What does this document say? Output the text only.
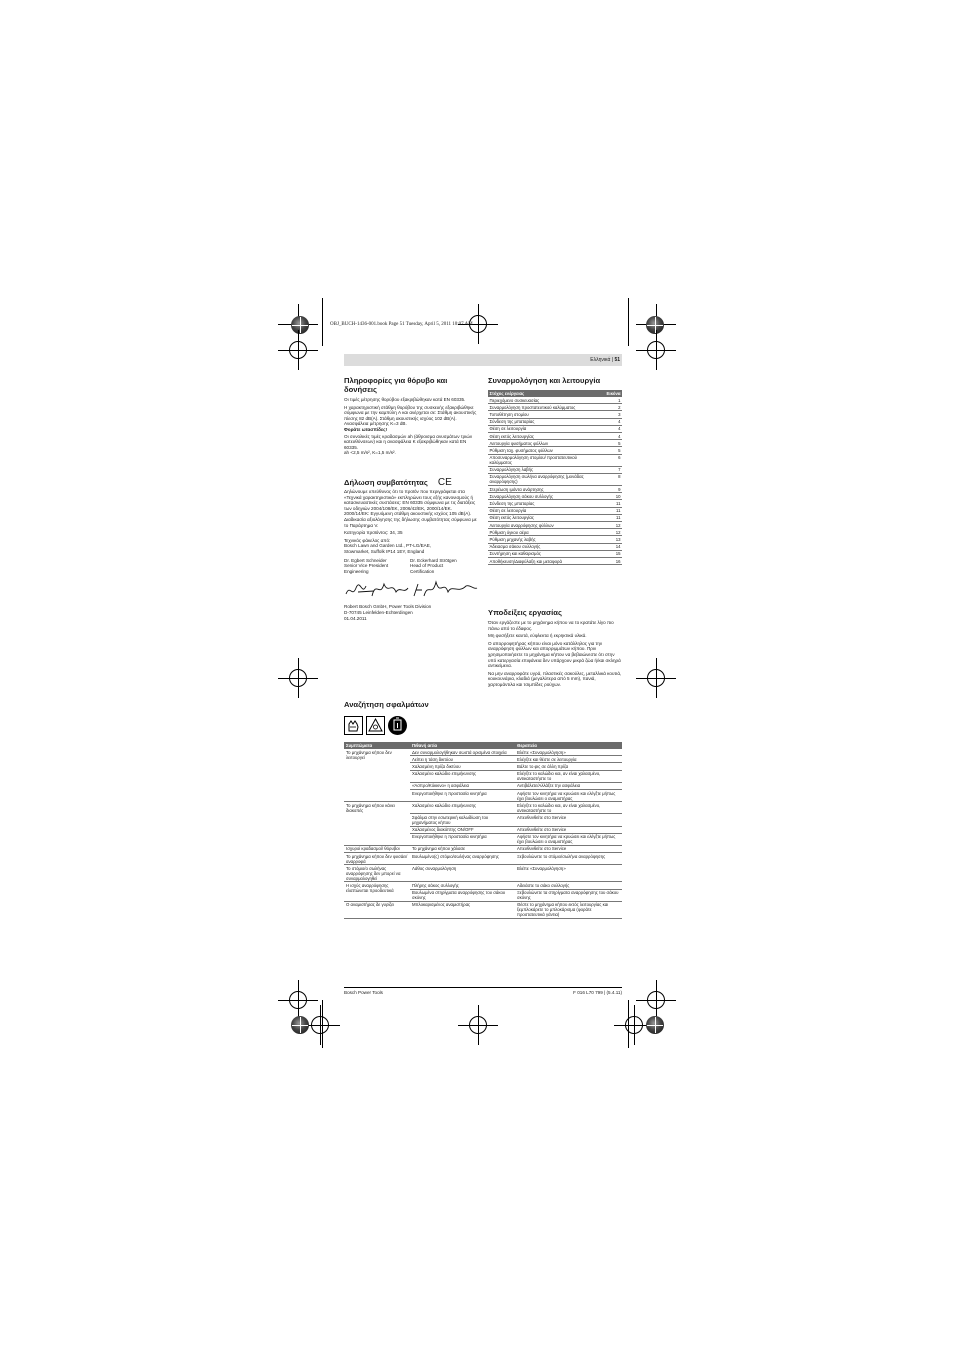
OBJ_BUCH-1436-001.book Page 51 Tuesday, April 5, 2011 10:07 AM
Ελληνικά | 51
Πληροφορίες για θόρυβο και
δονήσεις

Οι τιμές μέτρησης θορύβου εξακριβώθηκαν κατά EN 60335.

Η χαρακτηριστική στάθμη θορύβου της συσκευής εξακριβώθηκε σύμφωνα με την καμπύλη A και ανέρχεται σε: Στάθμη ακουστικής πίεσης 82 dB(A). Στάθμη ακουστικής ισχύος 102 dB(A). Ανασφάλεια μέτρησης K=3 dB.

Φοράτε ωτασπίδες!

Οι συνολικές τιμές κραδασμών ah (άθροισμα ανυσμάτων τριών κατευθύνσεων) και η ανασφάλεια K εξακριβώθηκαν κατά EN 60335.

ah <2,5 m/s², K=1,5 m/s².

Δήλωση συμβατότητας CE

Δηλώνουμε υπεύθυνος ότι το προϊόν που περιγράφεται στα «Τεχνικά χαρακτηριστικά» εκπληρώνει τους εξής κανονισμούς ή κατασκευαστικές συστάσεις: EN 60335 σύμφωνα με τις διατάξεις των οδηγιών 2004/108/ΕΚ, 2006/42/ΕΚ, 2000/14/ΕΚ.

2000/14/ΕΚ: Εγγυόμενη στάθμη ακουστικής ισχύος 105 dB(A). Διαδικασία αξιολόγησης της δήλωσης συμβατότητας σύμφωνα με το Παράρτημα V.

Κατηγορία προϊόντος: 34, 35

Τεχνικός φάκελος από:

Bosch Lawn and Garden Ltd., PT-LG/EAE,

Stowmarket, Suffolk IP14 1EY, England

Dr. Egbert Schneider

Senior Vice President

Engineering

Dr. Eckerhard Strötgen

Head of Product

Certification

Robert Bosch GmbH, Power Tools Division

D-70745 Leinfelden-Echterdingen

01.04.2011

Συναρμολόγηση και λειτουργία
Στόχος ενέργειας	Εικόνα
Περιεχόμενο συσκευασίας	1
Συναρμολόγηση προστατευτικού καλύμματος	2
Τοποθέτηση στομίου	3
Σύνδεση της μπαταρίας	4
Θέση σε λειτουργία	4
Θέση εκτός λειτουργίας	4
Λειτουργία φυσήματος φύλλων	5
Ρύθμιση ταχ. φυσήματος φύλλων	5
Αποσυναρμολόγηση στομίου/ προστατευτικού καλύμματος	6
Συναρμολόγηση λαβής	7
Συναρμολόγηση σωλήνα αναρρόφησης (μονάδας αναρρόφησης)	8
Στερέωση ιμάντα ανάρτησης	9
Συναρμολόγηση σάκου συλλογής	10
Σύνδεση της μπαταρίας	11
Θέση σε λειτουργία	11
Θέση εκτός λειτουργίας	11
Λειτουργία αναρρόφησης φύλλων	12
Ρύθμιση όγκου αέρα	12
Ρύθμιση μηχανής λαβής	13
Άδειασμα σάκου συλλογής	14
Συντήρηση και καθαρισμός	15
Αποθήκευση/Διαφύλαξη και μεταφορά	16
Υποδείξεις εργασίας

Όταν εργάζεστε με το μηχάνημα κήπου να το κρατάτε λίγο πιο πάνω από το έδαφος.

Μη φυσήξετε καυτά, εύφλεκτα ή εκρηκτικά υλικά.

Ο απορροφητήρας κήπου είναι μόνο κατάλληλος για την αναρρόφηση φύλλων και απορριμμάτων κήπου. Πριν χρησιμοποιήσετε το μηχάνημα κήπου να βεβαιώνεστε ότι στην υπό κατεργασία επιφάνεια δεν υπάρχουν μικρά ζώα ή/και σκληρά αντικείμενα.

Να μην αναρροφάτε υγρά, πλαστικές σακούλες, μεταλλικά κουτιά, κουκουνάρια, κλαδιά (μεγαλύτερα από 5 mm), πανιά, χαρτομάντιλα και τσιμπίδες ρούχων.

Αναζήτηση σφαλμάτων
Συμπτώματα	Πιθανή αιτία	Θεραπεία
Το μηχάνημα κήπου δεν λειτουργεί	Δεν συναρμολογήθηκαν σωστά ορισμένα στοιχεία	Βλέπε «Συναρμολόγηση»
	Λείπει η τάση δικτύου	Ελέγξτε και θέστε σε λειτουργία
	Χαλασμένη πρίζα δικτύου	Βάλτε το φις σε άλλη πρίζα
	Χαλασμένο καλώδιο επιμήκυνσης	Ελέγξτε το καλώδιο και, αν είναι χαλασμένο, αντικαταστήστε το
	«Άσπρο/Κόκκινο» η ασφάλεια	Αντιβάλετε/Αλλάξτε την ασφάλεια
	Ενεργοποιήθηκε η προστασία κινητήρα	Αφήστε τον κινητήρα να κρυώσει και ελέγξτε μήπως έχει βουλώσει ο αναμιστήρας
Το μηχάνημα κήπου κάνει διακοπές	Χαλασμένο καλώδιο επιμήκυνσης	Ελέγξτε το καλώδιο και, αν είναι χαλασμένο, αντικαταστήστε το
	Σφάλμα στην εσωτερική καλωδίωση του μηχανήματος κήπου	Απευθυνθείτε στο Service
	Χαλασμένος διακόπτης ON/OFF	Απευθυνθείτε στο Service
	Ενεργοποιήθηκε η προστασία κινητήρα	Αφήστε τον κινητήρα να κρυώσει και ελέγξτε μήπως έχει βουλώσει ο αναμιστήρας
Ισχυροί κραδασμοί/ θόρυβοι	Το μηχάνημα κήπου χάλασε	Απευθυνθείτε στο Service
Το μηχάνημα κήπου δεν φυσάει/αναρροφά	Βουλωμένο(ς) στόμιο/σωλήνας αναρρόφησης	Ξεβουλώνετε το στόμιο/σωλήνα αναρρόφησης
Το στόμιο/ο σωλήνας αναρρόφησης δεν μπορεί να συναρμολογηθεί	Λάθος συναρμολόγηση	Βλέπε «Συναρμολόγηση»
Η ισχύς αναρρόφησης ελαττώνεται προοδευτικά	Πλήρης σάκος συλλογής	Αδειάστε το σάκο συλλογής
	Βουλωμένα στηρίγματα αναρρόφησης του σάκου σκόνης	Ξεβουλώνετε τα στηρίγματα αναρρόφησης του σάκου σκόνης
Ο αναμιστήρας δε γυρίζει	Μπλοκαρισμένος αναμιστήρας	Θέστε το μηχάνημα κήπου εκτός λειτουργίας και ξεμπλοκάρετε το μπλοκάρισμα (φοράτε προστατευτικά γάντια)
Bosch Power Tools	F 016 L70 799 | (5.4.11)
